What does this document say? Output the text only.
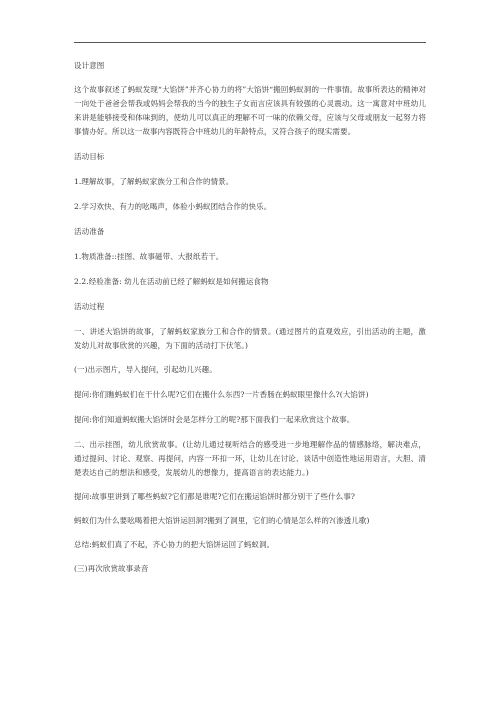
设计意图

这个故事叙述了蚂蚁发现“大馅饼”并齐心协力的将”大馅饼“搬回蚂蚁洞的一件事情。故事所表达的精神对一向处于爸爸会帮我或妈妈会帮我的当今的独生子女而言应该具有较强的心灵震动。这一寓意对中班幼儿来讲是能够接受和体味到的，使幼儿可以真正的理解不可一味的依赖父母，应该与父母或朋友一起努力将事情办好。所以这一故事内容既符合中班幼儿的年龄特点，又符合孩子的现实需要。

活动目标

1.理解故事，了解蚂蚁家族分工和合作的情景。

2.学习欢快、有力的吆喝声，体验小蚂蚁团结合作的快乐。

活动准备

1.物质准备::挂图、故事磁带、大报纸若干。

2.2.经验准备: 幼儿在活动前已经了解蚂蚁是如何搬运食物

活动过程

一、讲述大馅饼的故事，了解蚂蚁家族分工和合作的情景。(通过图片的直观效应，引出活动的主题，激发幼儿对故事欣赏的兴趣，为下面的活动打下伏笔。)

(一)出示图片，导入提问，引起幼儿兴趣。

提问:你们瞧蚂蚁们在干什么呢?它们在搬什么东西?一片香肠在蚂蚁眼里像什么?(大馅饼)

提问:你们知道蚂蚁搬大馅饼时会是怎样分工的呢?那下面我们一起来欣赏这个故事。

二、出示挂图，幼儿欣赏故事。(让幼儿通过视听结合的感受进一步地理解作品的情感脉络，解决难点，通过提问、讨论、观察、再提问，内容一环扣一环，让幼儿在讨论、谈话中创造性地运用语言，大胆、清楚表达自己的想法和感受，发展幼儿的想像力，提高语言的表达能力。)

提问:故事里讲到了哪些蚂蚁?它们都是谁呢?它们在搬运馅饼时都分别干了些什么事?

蚂蚁们为什么要吆喝着把大馅饼运回洞?搬到了洞里，它们的心情是怎么样的?(渗透儿歌)

总结:蚂蚁们真了不起，齐心协力的把大馅饼运回了蚂蚁洞。

(三)再次欣赏故事录音
